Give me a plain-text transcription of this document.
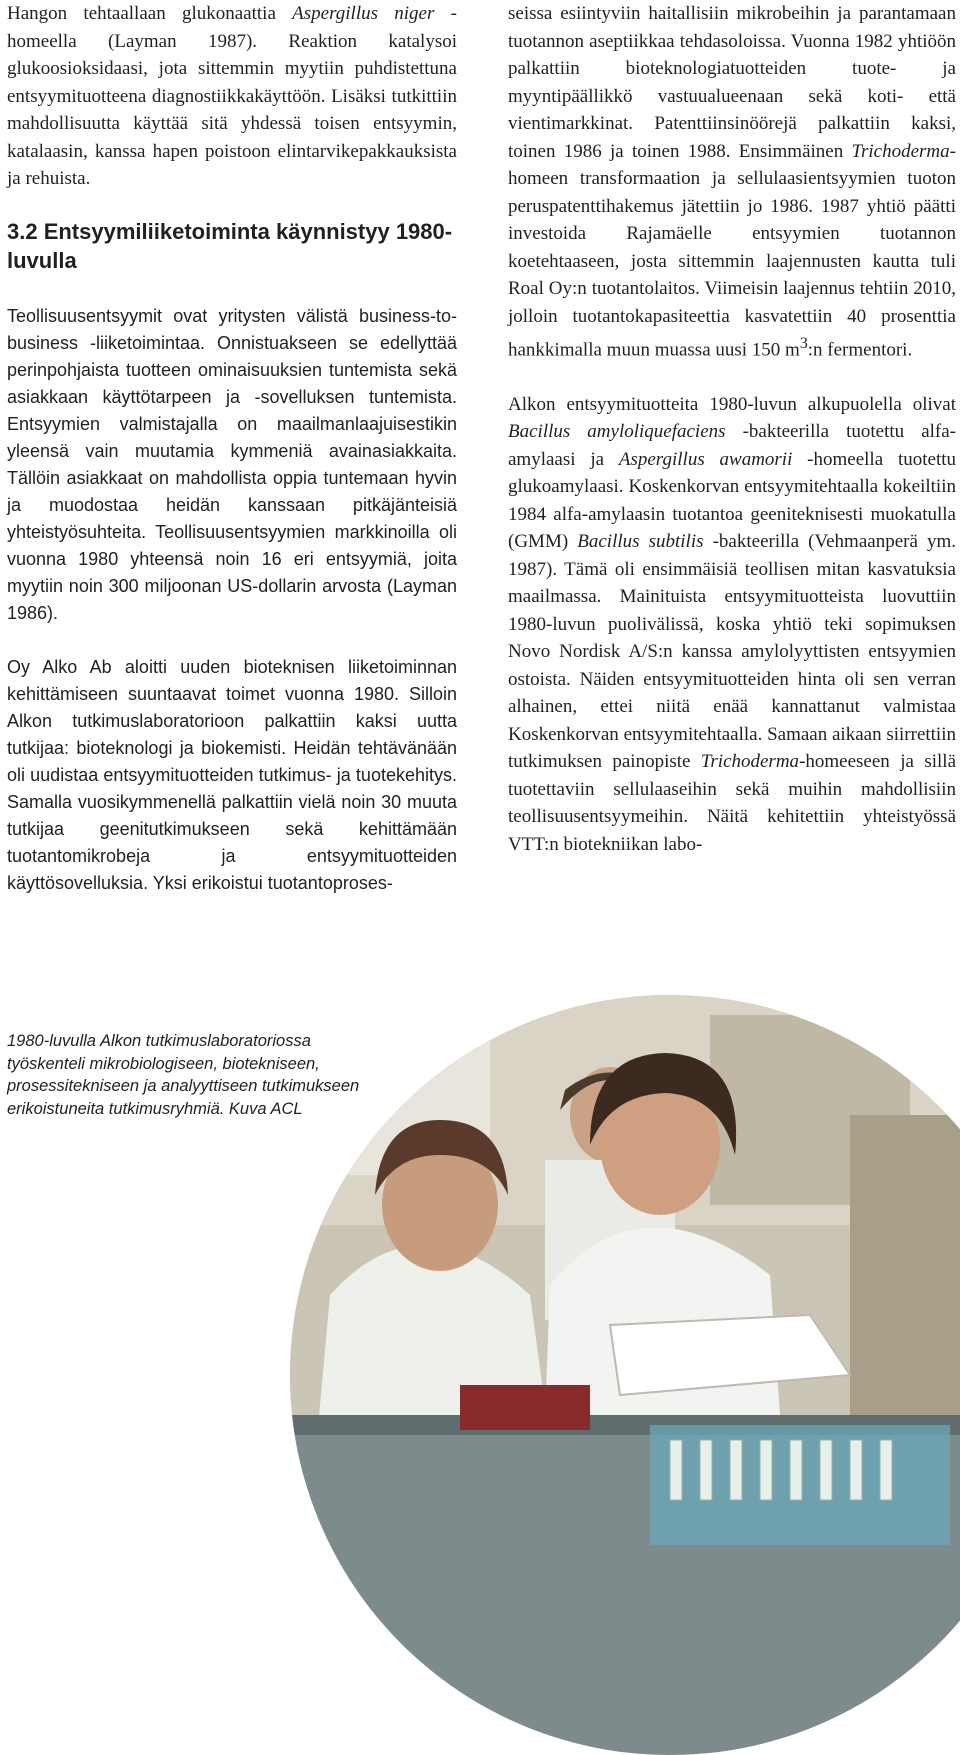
Hangon tehtaallaan glukonaattia Aspergillus niger -homeella (Layman 1987). Reaktion katalysoi glukoosioksidaasi, jota sittemmin myytiin puhdistettuna entsyymituotteena diagnostiikkakäyttöön. Lisäksi tutkittiin mahdollisuutta käyttää sitä yhdessä toisen entsyymin, katalaasin, kanssa hapen poistoon elintarvikepakkauksista ja rehuista.

3.2 Entsyymiliiketoiminta käynnistyy 1980-luvulla

Teollisuusentsyymit ovat yritysten välistä business-to-business -liiketoimintaa. Onnistuakseen se edellyttää perinpohjaista tuotteen ominaisuuksien tuntemista sekä asiakkaan käyttötarpeen ja -sovelluksen tuntemista. Entsyymien valmistajalla on maailmanlaajuisestikin yleensä vain muutamia kymmeniä avainasiakkaita. Tällöin asiakkaat on mahdollista oppia tuntemaan hyvin ja muodostaa heidän kanssaan pitkäjänteisiä yhteistyösuhteita. Teollisuusentsyymien markkinoilla oli vuonna 1980 yhteensä noin 16 eri entsyymiä, joita myytiin noin 300 miljoonan US-dollarin arvosta (Layman 1986).

Oy Alko Ab aloitti uuden bioteknisen liiketoiminnan kehittämiseen suuntaavat toimet vuonna 1980. Silloin Alkon tutkimuslaboratorioon palkattiin kaksi uutta tutkijaa: bioteknologi ja biokemisti. Heidän tehtävänään oli uudistaa entsyymituotteiden tutkimus- ja tuotekehitys. Samalla vuosikymmenellä palkattiin vielä noin 30 muuta tutkijaa geenitutkimukseen sekä kehittämään tuotantomikrobeja ja entsyymituotteiden käyttösovelluksia. Yksi erikoistui tuotantoproses-

seissa esiintyviin haitallisiin mikrobeihin ja parantamaan tuotannon aseptiikkaa tehdasoloissa. Vuonna 1982 yhtiöön palkattiin bioteknologiatuotteiden tuote- ja myyntipäällikkö vastuualueenaan sekä koti- että vientimarkkinat. Patenttiinsinöörejä palkattiin kaksi, toinen 1986 ja toinen 1988. Ensimmäinen Trichoderma-homeen transformaation ja sellulaasientsyymien tuoton peruspatenttihakemus jätettiin jo 1986. 1987 yhtiö päätti investoida Rajamäelle entsyymien tuotannon koetehtaaseen, josta sittemmin laajennusten kautta tuli Roal Oy:n tuotantolaitos. Viimeisin laajennus tehtiin 2010, jolloin tuotantokapasiteettia kasvatettiin 40 prosenttia hankkimalla muun muassa uusi 150 $m^3:n$ fermentori.

Alkon entsyymituotteita 1980-luvun alkupuolella olivat Bacillus amyloliquefaciens -bakteerilla tuotettu alfa-amylaasi ja Aspergillus awamorii -homeella tuotettu glukoamylaasi. Koskenkorvan entsyymitehtaalla kokeiltiin 1984 alfa-amylaasin tuotantoa geeniteknisesti muokatulla (GMM) Bacillus subtilis -bakteerilla (Vehmaanperä ym. 1987). Tämä oli ensimmäisiä teollisen mitan kasvatuksia maailmassa. Mainituista entsyymituotteista luovuttiin 1980-luvun puolivälissä, koska yhtiö teki sopimuksen Novo Nordisk A/S:n kanssa amylolyyttisten entsyymien ostoista. Näiden entsyymituotteiden hinta oli sen verran alhainen, ettei niitä enää kannattanut valmistaa Koskenkorvan entsyymitehtaalla. Samaan aikaan siirrettiin tutkimuksen painopiste Trichoderma-homeeseen ja sillä tuotettaviin sellulaaseihin sekä muihin mahdollisiin teollisuusentsyymeihin. Näitä kehitettiin yhteistyössä VTT:n biotekniikan labo-

1980-luvulla Alkon tutkimuslaboratoriossa työskenteli mikrobiologiseen, biotekniseen, prosessitekniseen ja analyyttiseen tutkimukseen erikoistuneita tutkimusryhmiä. Kuva ACL
